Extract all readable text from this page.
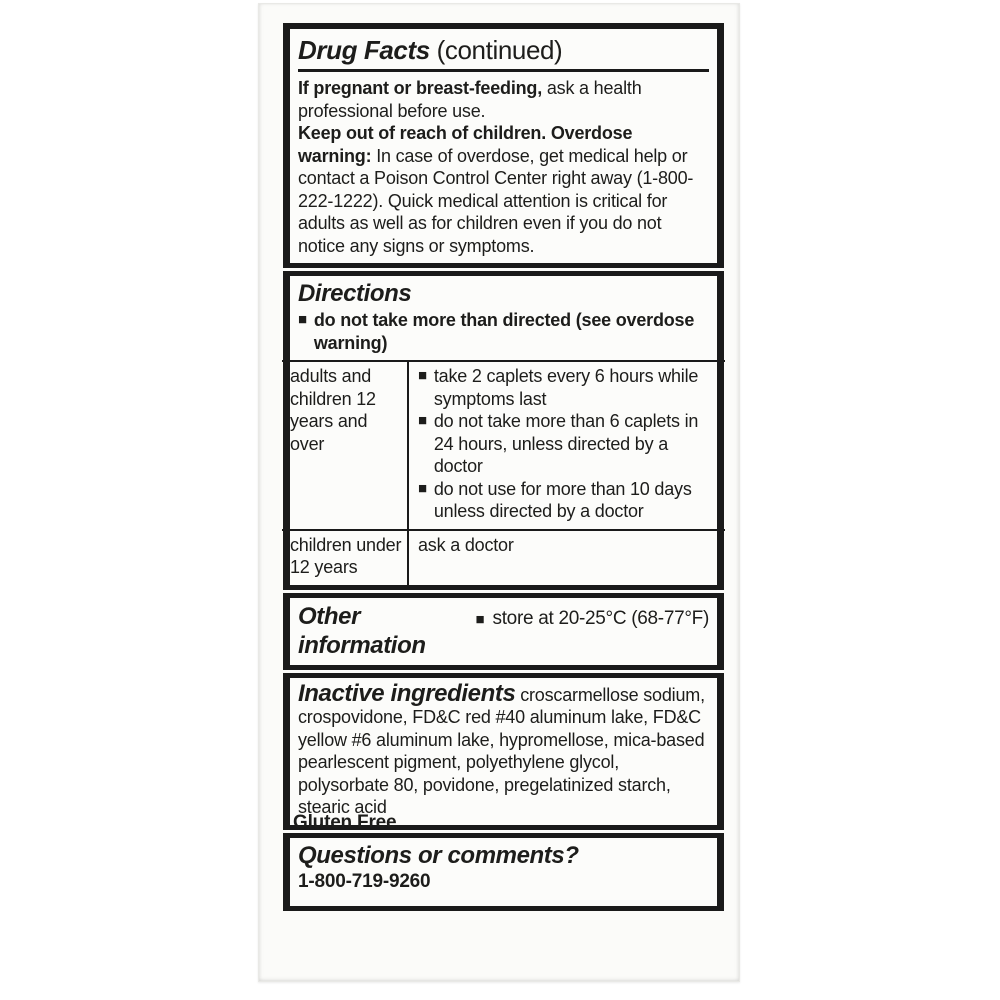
Drug Facts (continued)
If pregnant or breast-feeding, ask a health professional before use.
Keep out of reach of children. Overdose warning: In case of overdose, get medical help or contact a Poison Control Center right away (1-800-222-1222). Quick medical attention is critical for adults as well as for children even if you do not notice any signs or symptoms.
Directions
■ do not take more than directed (see overdose warning)
adults and children 12 years and over
■ take 2 caplets every 6 hours while symptoms last
■ do not take more than 6 caplets in 24 hours, unless directed by a doctor
■ do not use for more than 10 days unless directed by a doctor
children under 12 years
ask a doctor
Other information
■ store at 20-25°C (68-77°F)
Inactive ingredients croscarmellose sodium, crospovidone, FD&C red #40 aluminum lake, FD&C yellow #6 aluminum lake, hypromellose, mica-based pearlescent pigment, polyethylene glycol, polysorbate 80, povidone, pregelatinized starch, stearic acid
Questions or comments?
1-800-719-9260
Gluten Free
